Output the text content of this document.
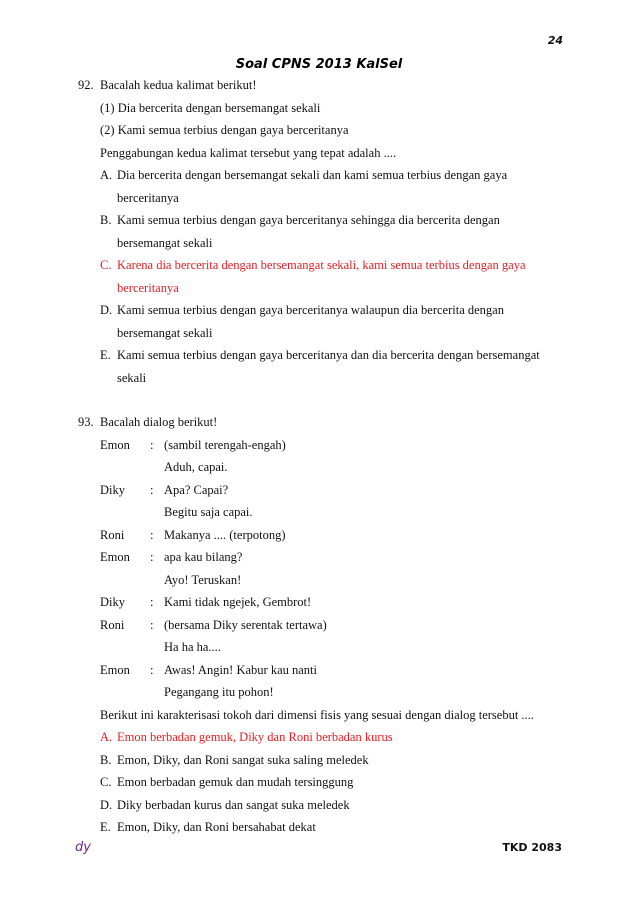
24
Soal CPNS 2013 KalSel
92. Bacalah kedua kalimat berikut!
(1) Dia bercerita dengan bersemangat sekali
(2) Kami semua terbius dengan gaya berceritanya
Penggabungan kedua kalimat tersebut yang tepat adalah ....
A. Dia bercerita dengan bersemangat sekali dan kami semua terbius dengan gaya
berceritanya
B. Kami semua terbius dengan gaya berceritanya sehingga dia bercerita dengan
bersemangat sekali
C. Karena dia bercerita dengan bersemangat sekali, kami semua terbius dengan gaya
berceritanya
D. Kami semua terbius dengan gaya berceritanya walaupun dia bercerita dengan
bersemangat sekali
E. Kami semua terbius dengan gaya berceritanya dan dia bercerita dengan bersemangat
sekali
93. Bacalah dialog berikut!
Emon	: (sambil terengah-engah)
Aduh, capai.
Diky	: Apa? Capai?
Begitu saja capai.
Roni	: Makanya .... (terpotong)
Emon	: apa kau bilang?
Ayo! Teruskan!
Diky	: Kami tidak ngejek, Gembrot!
Roni	: (bersama Diky serentak tertawa)
Ha ha ha....
Emon	: Awas! Angin! Kabur kau nanti
Pegangang itu pohon!
Berikut ini karakterisasi tokoh dari dimensi fisis yang sesuai dengan dialog tersebut ....
A. Emon berbadan gemuk, Diky dan Roni berbadan kurus
B. Emon, Diky, dan Roni sangat suka saling meledek
C. Emon berbadan gemuk dan mudah tersinggung
D. Diky berbadan kurus dan sangat suka meledek
E. Emon, Diky, dan Roni bersahabat dekat
dy	TKD 2083
